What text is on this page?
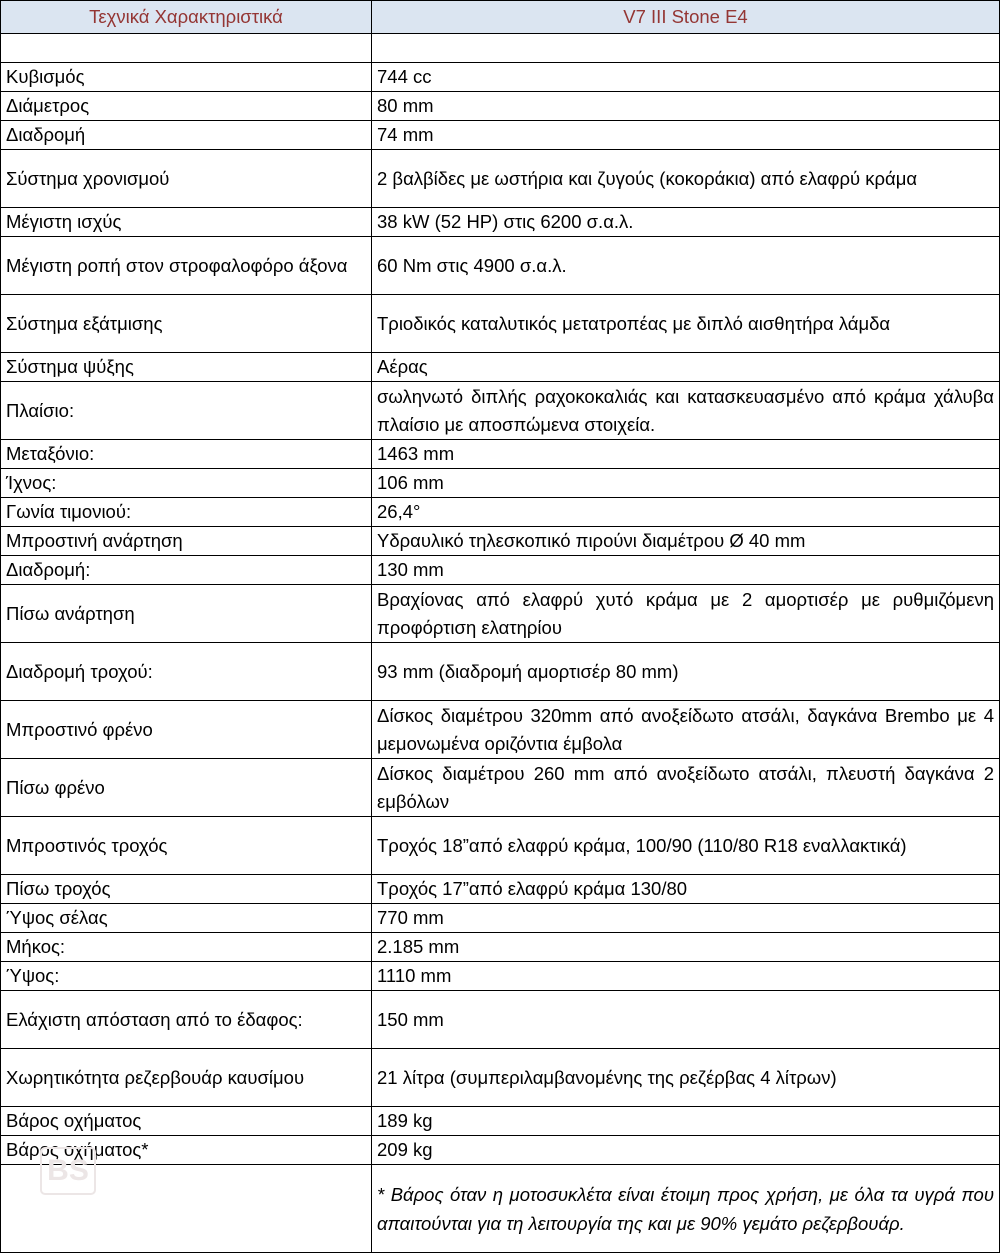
Τεχνικά Χαρακτηριστικά	V7 III Stone E4

Κυβισμός	744 cc
Διάμετρος	80 mm
Διαδρομή	74 mm
Σύστημα χρονισμού	2 βαλβίδες με ωστήρια και ζυγούς (κοκοράκια) από ελαφρύ κράμα
Μέγιστη ισχύς	38 kW (52 HP) στις 6200 σ.α.λ.
Μέγιστη ροπή στον στροφαλοφόρο άξονα	60 Nm στις 4900 σ.α.λ.
Σύστημα εξάτμισης	Τριοδικός καταλυτικός μετατροπέας με διπλό αισθητήρα λάμδα
Σύστημα ψύξης	Αέρας
Πλαίσιο:	σωληνωτό διπλής ραχοκοκαλιάς και κατασκευασμένο από κράμα χάλυβα πλαίσιο με αποσπώμενα στοιχεία.
Μεταξόνιο:	1463 mm
Ίχνος:	106 mm
Γωνία τιμονιού:	26,4°
Μπροστινή ανάρτηση	Υδραυλικό τηλεσκοπικό πιρούνι διαμέτρου Ø 40 mm
Διαδρομή:	130 mm
Πίσω ανάρτηση	Βραχίονας από ελαφρύ χυτό κράμα με 2 αμορτισέρ με ρυθμιζόμενη προφόρτιση ελατηρίου
Διαδρομή τροχού:	93 mm (διαδρομή αμορτισέρ 80 mm)
Μπροστινό φρένο	Δίσκος διαμέτρου 320mm από ανοξείδωτο ατσάλι, δαγκάνα Brembo με 4 μεμονωμένα οριζόντια έμβολα
Πίσω φρένο	Δίσκος διαμέτρου 260 mm από ανοξείδωτο ατσάλι, πλευστή δαγκάνα 2 εμβόλων
Μπροστινός τροχός	Τροχός 18”από ελαφρύ κράμα, 100/90 (110/80 R18 εναλλακτικά)
Πίσω τροχός	Τροχός 17”από ελαφρύ κράμα 130/80
Ύψος σέλας	770 mm
Μήκος:	2.185 mm
Ύψος:	1110 mm
Ελάχιστη απόσταση από το έδαφος:	150 mm
Χωρητικότητα ρεζερβουάρ καυσίμου	21 λίτρα (συμπεριλαμβανομένης της ρεζέρβας 4 λίτρων)
Βάρος οχήματος	189 kg
Βάρος οχήματος*	209 kg
	* Βάρος όταν η μοτοσυκλέτα είναι έτοιμη προς χρήση, με όλα τα υγρά που απαιτούνται για τη λειτουργία της και με 90% γεμάτο ρεζερβουάρ.
BS
